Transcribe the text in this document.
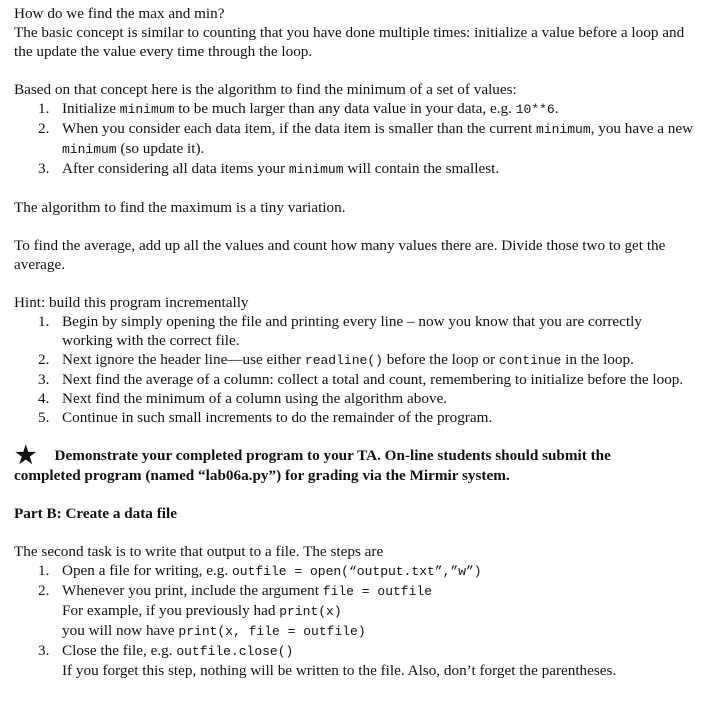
How do we find the max and min?

The basic concept is similar to counting that you have done multiple times: initialize a value before a loop and the update the value every time through the loop.

Based on that concept here is the algorithm to find the minimum of a set of values:

1. Initialize minimum to be much larger than any data value in your data, e.g. 10**6.
2. When you consider each data item, if the data item is smaller than the current minimum, you have a new minimum (so update it).
3. After considering all data items your minimum will contain the smallest.

The algorithm to find the maximum is a tiny variation.

To find the average, add up all the values and count how many values there are. Divide those two to get the average.

Hint: build this program incrementally

1. Begin by simply opening the file and printing every line – now you know that you are correctly working with the correct file.
2. Next ignore the header line—use either readline() before the loop or continue in the loop.
3. Next find the average of a column: collect a total and count, remembering to initialize before the loop.
4. Next find the minimum of a column using the algorithm above.
5. Continue in such small increments to do the remainder of the program.

★ Demonstrate your completed program to your TA. On-line students should submit the completed program (named “lab06a.py”) for grading via the Mirmir system.

Part B: Create a data file

The second task is to write that output to a file. The steps are

1. Open a file for writing, e.g. outfile = open(“output.txt”,”w”)
2. Whenever you print, include the argument file = outfile
For example, if you previously had print(x)
you will now have print(x, file = outfile)
3. Close the file, e.g. outfile.close()
If you forget this step, nothing will be written to the file. Also, don’t forget the parentheses.
